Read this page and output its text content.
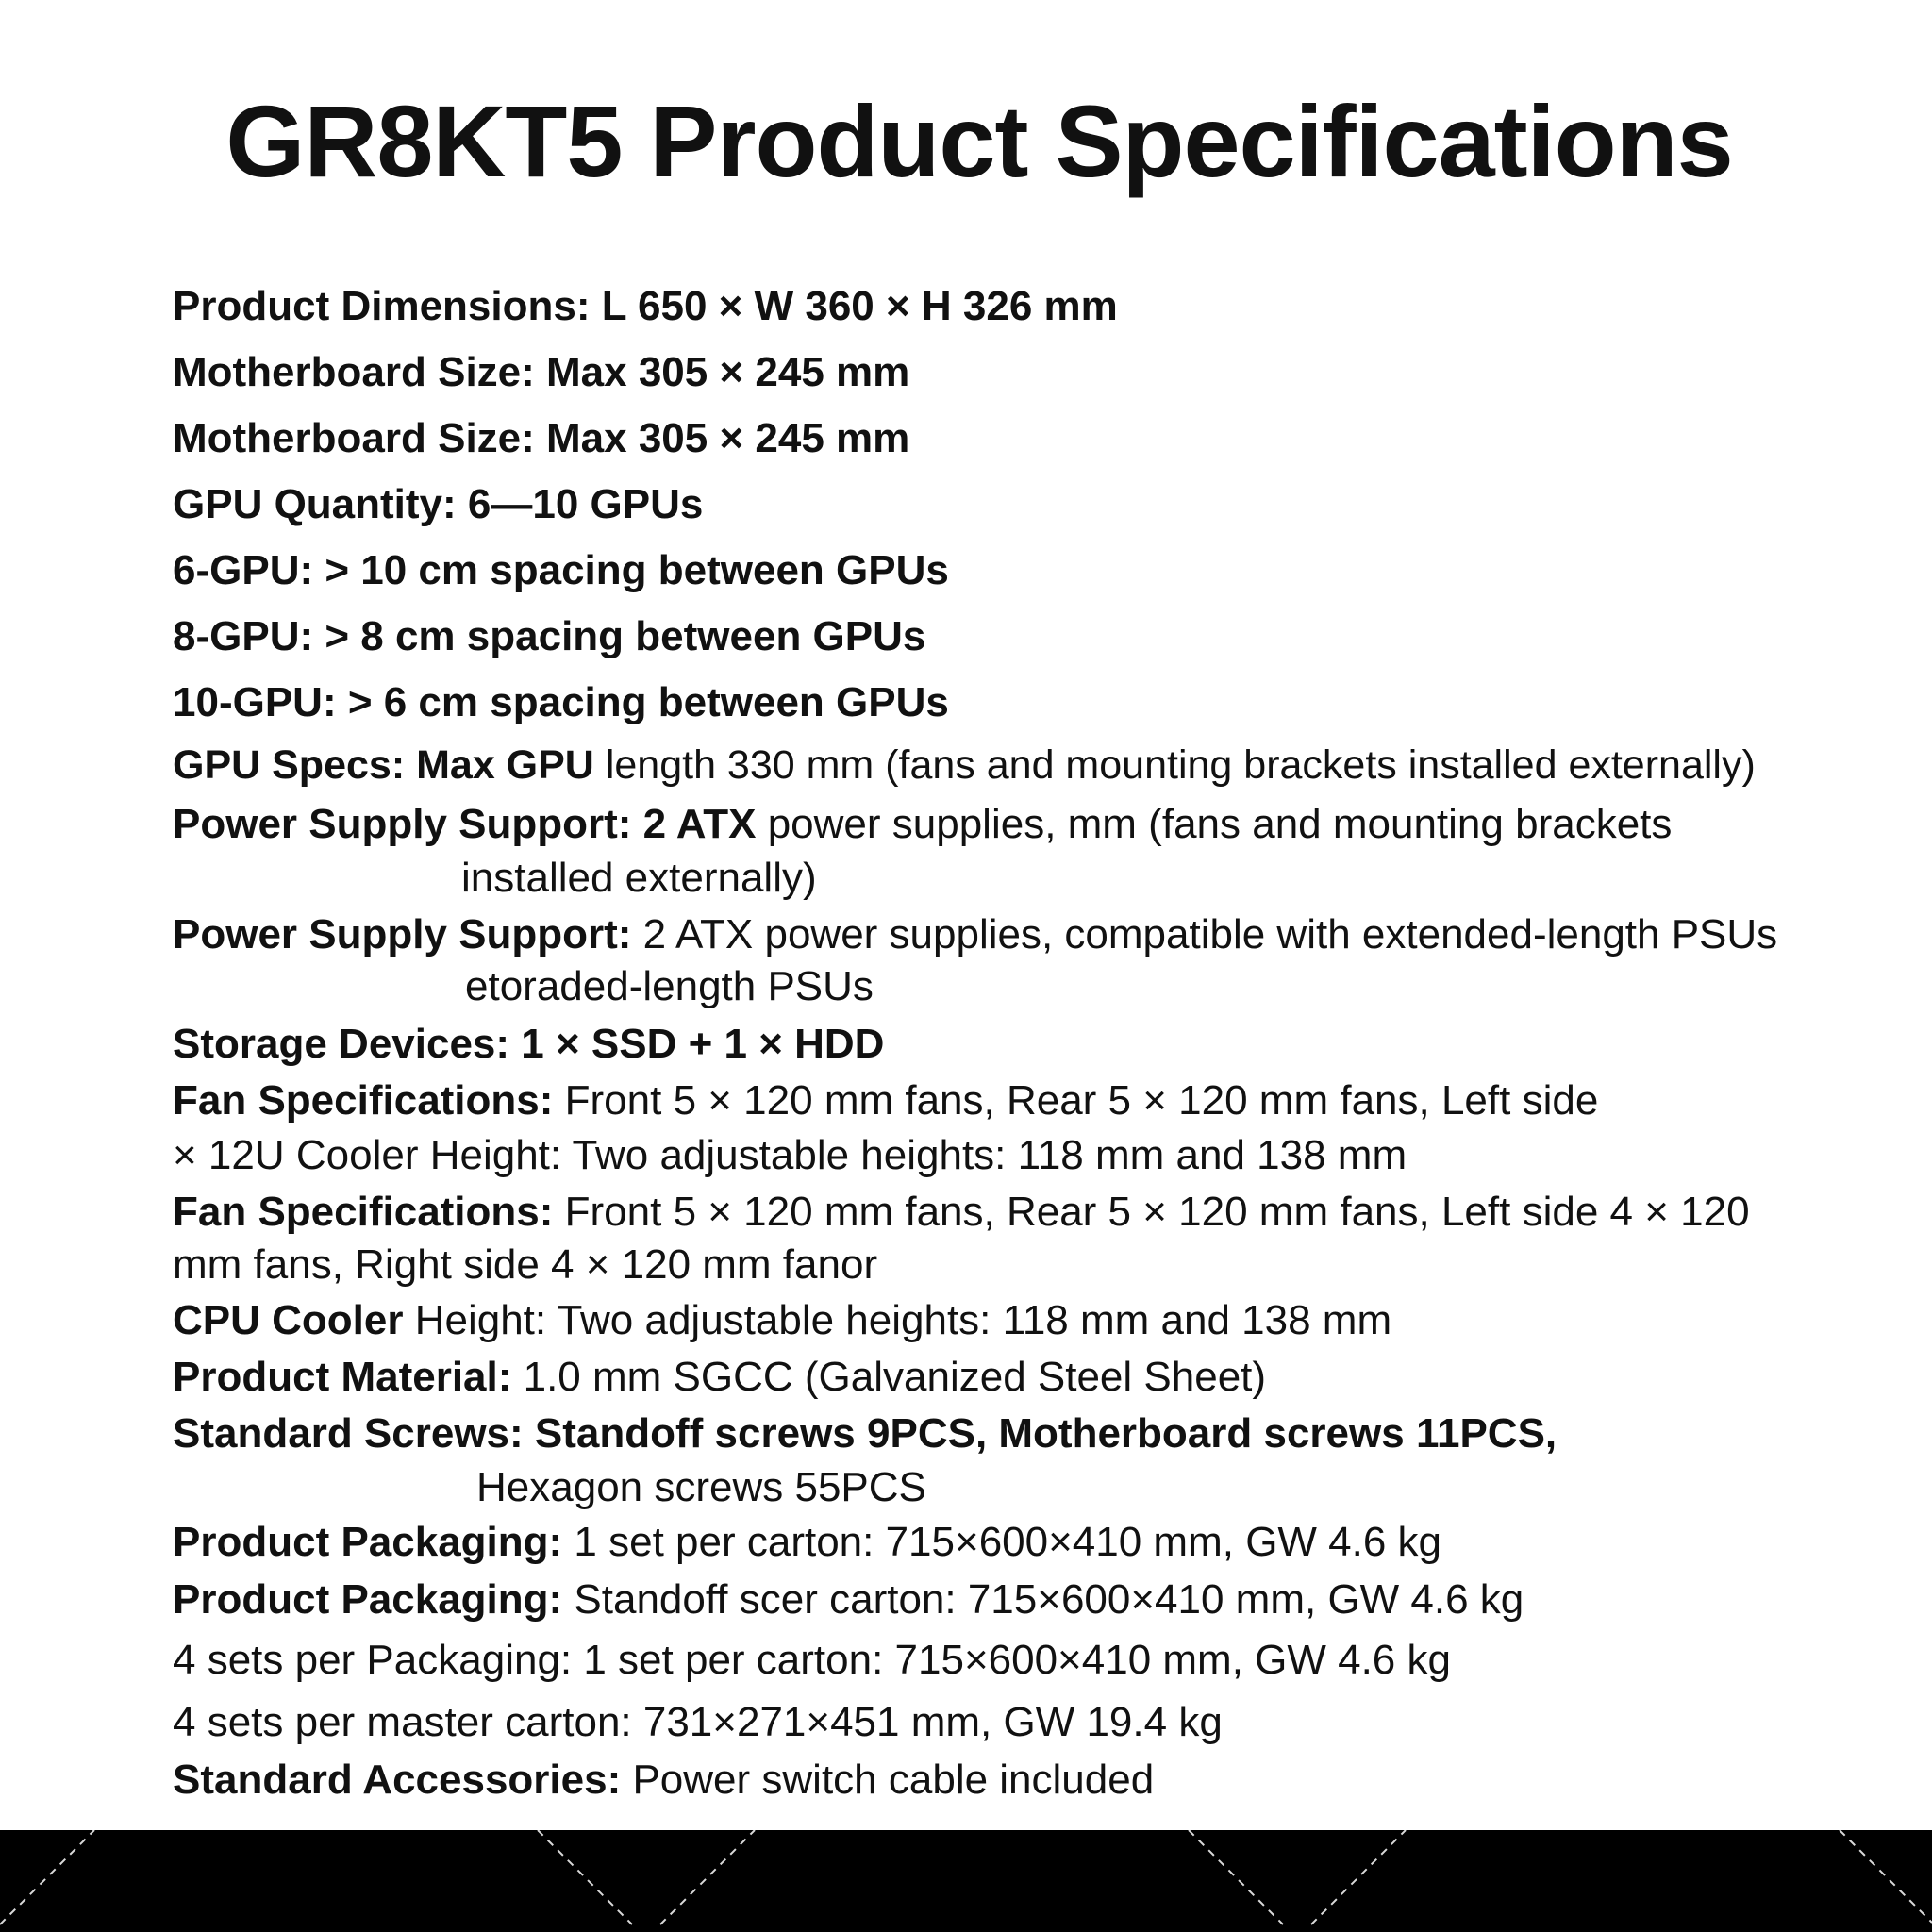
GR8KT5 Product Specifications

Product Dimensions: L 650 × W 360 × H 326 mm

Motherboard Size: Max 305 × 245 mm

Motherboard Size: Max 305 × 245 mm

GPU Quantity: 6—10 GPUs

6-GPU: > 10 cm spacing between GPUs

8-GPU: > 8 cm spacing between GPUs

10-GPU: > 6 cm spacing between GPUs

GPU Specs: Max GPU length 330 mm (fans and mounting brackets installed externally)

Power Supply Support: 2 ATX power supplies, mm (fans and mounting brackets

installed externally)

Power Supply Support: 2 ATX power supplies, compatible with extended-length PSUs

etoraded-length PSUs

Storage Devices: 1 × SSD + 1 × HDD

Fan Specifications: Front 5 × 120 mm fans, Rear 5 × 120 mm fans, Left side

× 12U Cooler Height: Two adjustable heights: 118 mm and 138 mm

Fan Specifications: Front 5 × 120 mm fans, Rear 5 × 120 mm fans, Left side 4 × 120

mm fans, Right side 4 × 120 mm fanor

CPU Cooler Height: Two adjustable heights: 118 mm and 138 mm

Product Material: 1.0 mm SGCC (Galvanized Steel Sheet)

Standard Screws: Standoff screws 9PCS, Motherboard screws 11PCS,

Hexagon screws 55PCS

Product Packaging: 1 set per carton: 715×600×410 mm, GW 4.6 kg

Product Packaging: Standoff scer carton: 715×600×410 mm, GW 4.6 kg

4 sets per Packaging: 1 set per carton: 715×600×410 mm, GW 4.6 kg

4 sets per master carton: 731×271×451 mm, GW 19.4 kg

Standard Accessories: Power switch cable included
